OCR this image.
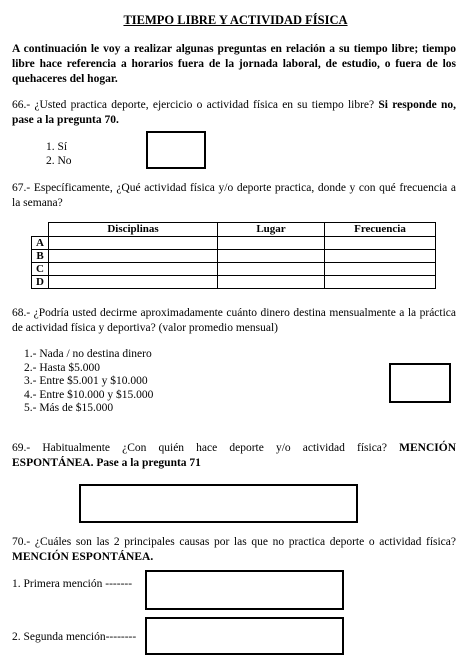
TIEMPO LIBRE Y ACTIVIDAD FÍSICA
A continuación le voy a realizar algunas preguntas en relación a su tiempo libre; tiempo libre hace referencia a horarios fuera de la jornada laboral, de estudio, o fuera de los quehaceres del hogar.
66.- ¿Usted practica deporte, ejercicio o actividad física en su tiempo libre? Si responde no, pase a la pregunta 70.
1. Sí
2. No
67.- Específicamente, ¿Qué actividad física y/o deporte practica, donde y con qué frecuencia a la semana?
	Disciplinas	Lugar	Frecuencia
A			
B			
C			
D			
68.- ¿Podría usted decirme aproximadamente cuánto dinero destina mensualmente a la práctica de actividad física y deportiva? (valor promedio mensual)
1.- Nada / no destina dinero
2.- Hasta $5.000
3.- Entre $5.001 y $10.000
4.- Entre $10.000 y $15.000
5.- Más de $15.000
69.- Habitualmente ¿Con quién hace deporte y/o actividad física? MENCIÓN ESPONTÁNEA. Pase a la pregunta 71
70.- ¿Cuáles son las 2 principales causas por las que no practica deporte o actividad física? MENCIÓN ESPONTÁNEA.
1. Primera mención -------
2. Segunda mención--------
